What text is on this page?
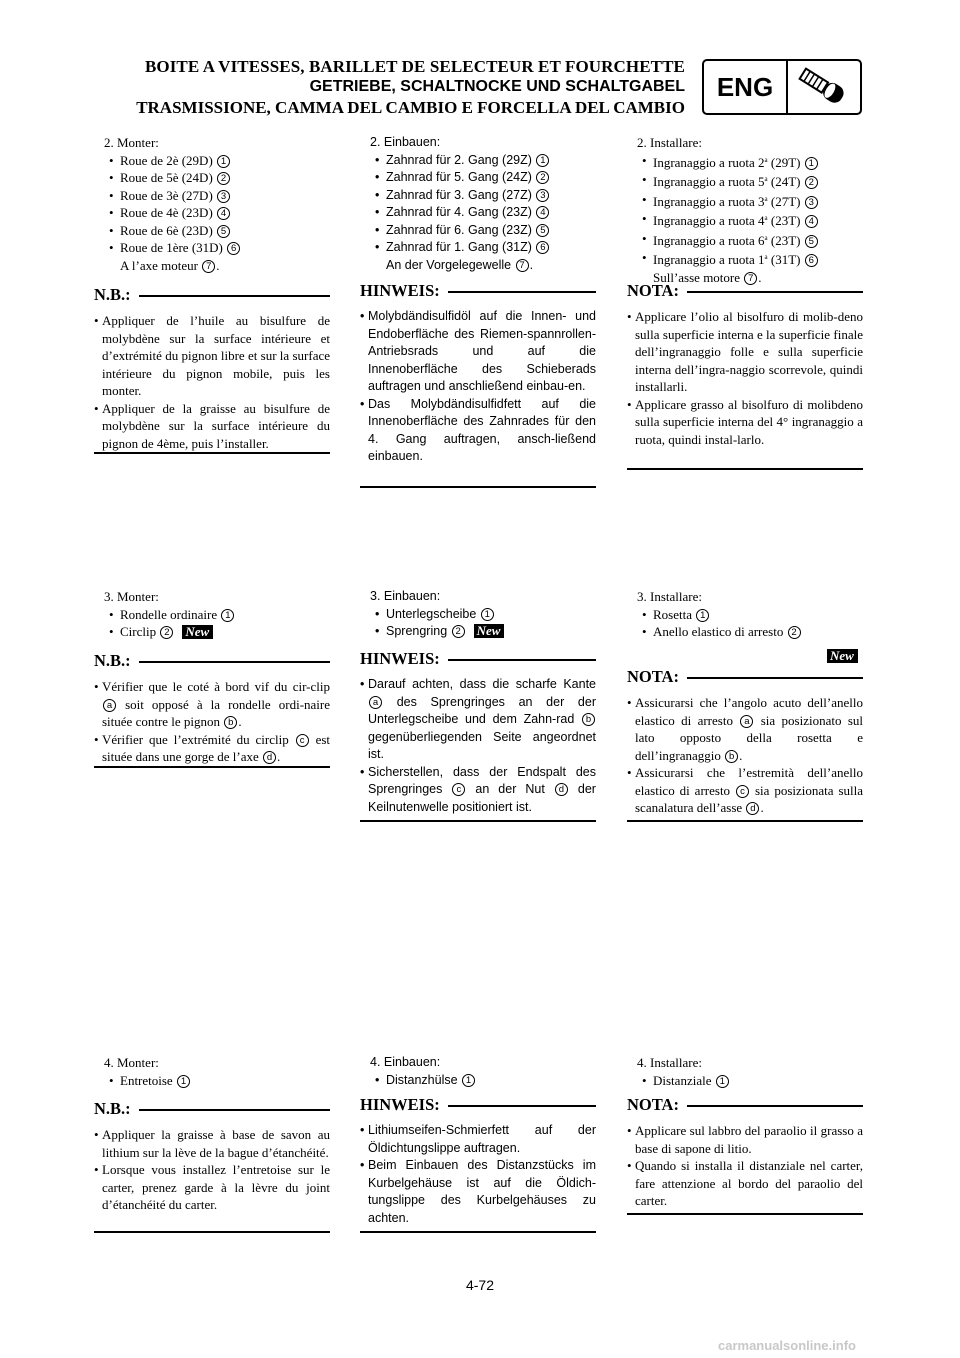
BOITE A VITESSES, BARILLET DE SELECTEUR ET FOURCHETTE
GETRIEBE, SCHALTNOCKE UND SCHALTGABEL
TRASMISSIONE, CAMMA DEL CAMBIO E FORCELLA DEL CAMBIO
ENG
2. Monter:
• Roue de 2è (29D) 1
• Roue de 5è (24D) 2
• Roue de 3è (27D) 3
• Roue de 4è (23D) 4
• Roue de 6è (23D) 5
• Roue de 1ère (31D) 6
A l’axe moteur 7 .
N.B.:
• Appliquer de l’huile au bisulfure de molybdène sur la surface intérieure et d’extrémité du pignon libre et sur la surface intérieure du pignon mobile, puis les monter.
• Appliquer de la graisse au bisulfure de molybdène sur la surface intérieure du pignon de 4ème, puis l’installer.
3. Monter:
• Rondelle ordinaire 1
• Circlip 2 New
N.B.:
• Vérifier que le coté à bord vif du cir-clip a soit opposé à la rondelle ordi-naire située contre le pignon b .
• Vérifier que l’extrémité du circlip c est située dans une gorge de l’axe d .
4. Monter:
• Entretoise 1
N.B.:
• Appliquer la graisse à base de savon au lithium sur la lève de la bague d’étanchéité.
• Lorsque vous installez l’entretoise sur le carter, prenez garde à la lèvre du joint d’étanchéité du carter.
2. Einbauen:
• Zahnrad für 2. Gang (29Z) 1
• Zahnrad für 5. Gang (24Z) 2
• Zahnrad für 3. Gang (27Z) 3
• Zahnrad für 4. Gang (23Z) 4
• Zahnrad für 6. Gang (23Z) 5
• Zahnrad für 1. Gang (31Z) 6
An der Vorgelegewelle 7 .
HINWEIS:
• Molybdändisulfidöl auf die Innen- und Endoberfläche des Riemen-spannrollen-Antriebsrads und auf die Innenoberfläche des Schieberads auftragen und anschließend einbau-en.
• Das Molybdändisulfidfett auf die Innenoberfläche des Zahnrades für den 4. Gang auftragen, ansch-ließend einbauen.
3. Einbauen:
• Unterlegscheibe 1
• Sprengring 2 New
HINWEIS:
• Darauf achten, dass die scharfe Kante a des Sprengringes an der der Unterlegscheibe und dem Zahn-rad b gegenüberliegenden Seite angeordnet ist.
• Sicherstellen, dass der Endspalt des Sprengringes c an der Nut d der Keilnutenwelle positioniert ist.
4. Einbauen:
• Distanzhülse 1
HINWEIS:
• Lithiumseifen-Schmierfett auf der Öldichtungslippe auftragen.
• Beim Einbauen des Distanzstücks im Kurbelgehäuse ist auf die Öldich-tungslippe des Kurbelgehäuses zu achten.
2. Installare:
• Ingranaggio a ruota 2$^a$ (29T) 1
• Ingranaggio a ruota 5$^a$ (24T) 2
• Ingranaggio a ruota 3$^a$ (27T) 3
• Ingranaggio a ruota 4$^a$ (23T) 4
• Ingranaggio a ruota 6$^a$ (23T) 5
• Ingranaggio a ruota 1$^a$ (31T) 6
Sull’asse motore 7 .
NOTA:
• Applicare l’olio al bisolfuro di molib-deno sulla superficie interna e la superficie finale dell’ingranaggio folle e sulla superficie interna dell’ingra-naggio scorrevole, quindi installarli.
• Applicare grasso al bisolfuro di molibdeno sulla superficie interna del 4° ingranaggio a ruota, quindi instal-larlo.
3. Installare:
• Rosetta 1
• Anello elastico di arresto 2
New
NOTA:
• Assicurarsi che l’angolo acuto dell’anello elastico di arresto a sia posizionato sul lato opposto della rosetta e dell’ingranaggio b .
• Assicurarsi che l’estremità dell’anello elastico di arresto c sia posizionata sulla scanalatura dell’asse d .
4. Installare:
• Distanziale 1
NOTA:
• Applicare sul labbro del paraolio il grasso a base di sapone di litio.
• Quando si installa il distanziale nel carter, fare attenzione al bordo del paraolio del carter.
4-72
carmanualsonline.info
